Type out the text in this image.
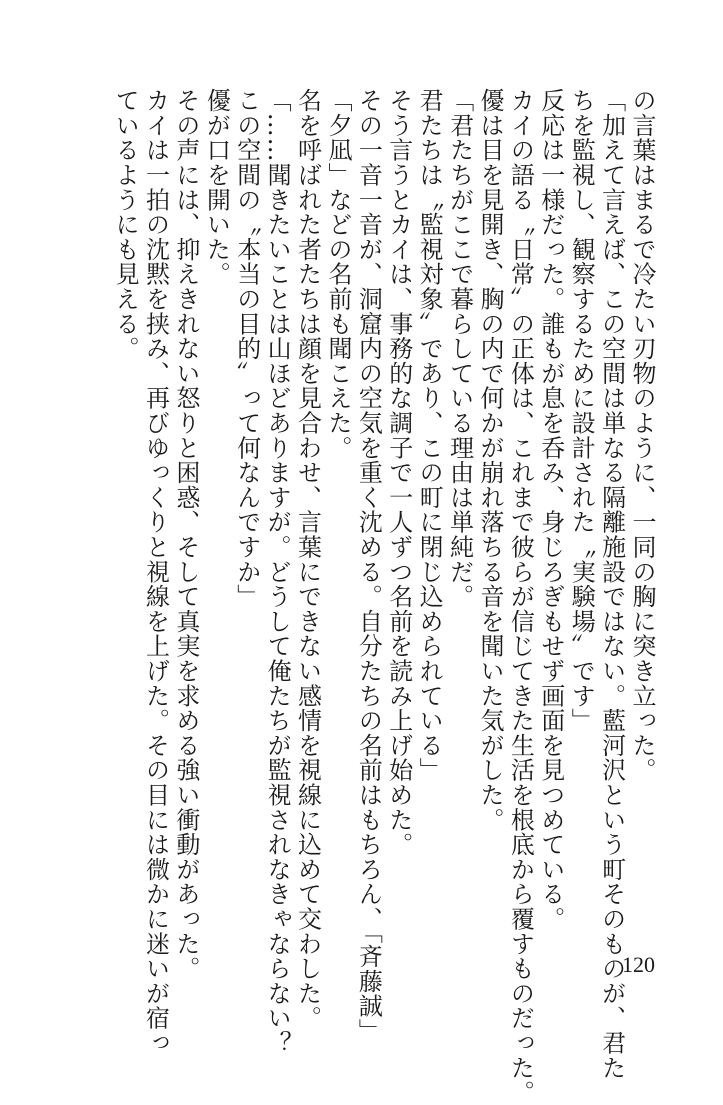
の言葉はまるで冷たい刃物のように、一同の胸に突き立った。
「加えて言えば、この空間は単なる隔離施設ではない。藍河沢という町そのものが、君た
ちを監視し、観察するために設計された〝実験場〟です」
反応は一様だった。誰もが息を呑み、身じろぎもせず画面を見つめている。
カイの語る〝日常〟の正体は、これまで彼らが信じてきた生活を根底から覆すものだった。
優は目を見開き、胸の内で何かが崩れ落ちる音を聞いた気がした。
「君たちがここで暮らしている理由は単純だ。
君たちは〝監視対象〟であり、この町に閉じ込められている」
そう言うとカイは、事務的な調子で一人ずつ名前を読み上げ始めた。
その一音一音が、洞窟内の空気を重く沈める。自分たちの名前はもちろん、「斉藤誠」
「夕凪」などの名前も聞こえた。
名を呼ばれた者たちは顔を見合わせ、言葉にできない感情を視線に込めて交わした。
「……聞きたいことは山ほどありますが。どうして俺たちが監視されなきゃならない？
この空間の〝本当の目的〟って何なんですか」
優が口を開いた。
その声には、抑えきれない怒りと困惑、そして真実を求める強い衝動があった。
カイは一拍の沈黙を挟み、再びゆっくりと視線を上げた。その目には微かに迷いが宿っ
ているようにも見える。
120
